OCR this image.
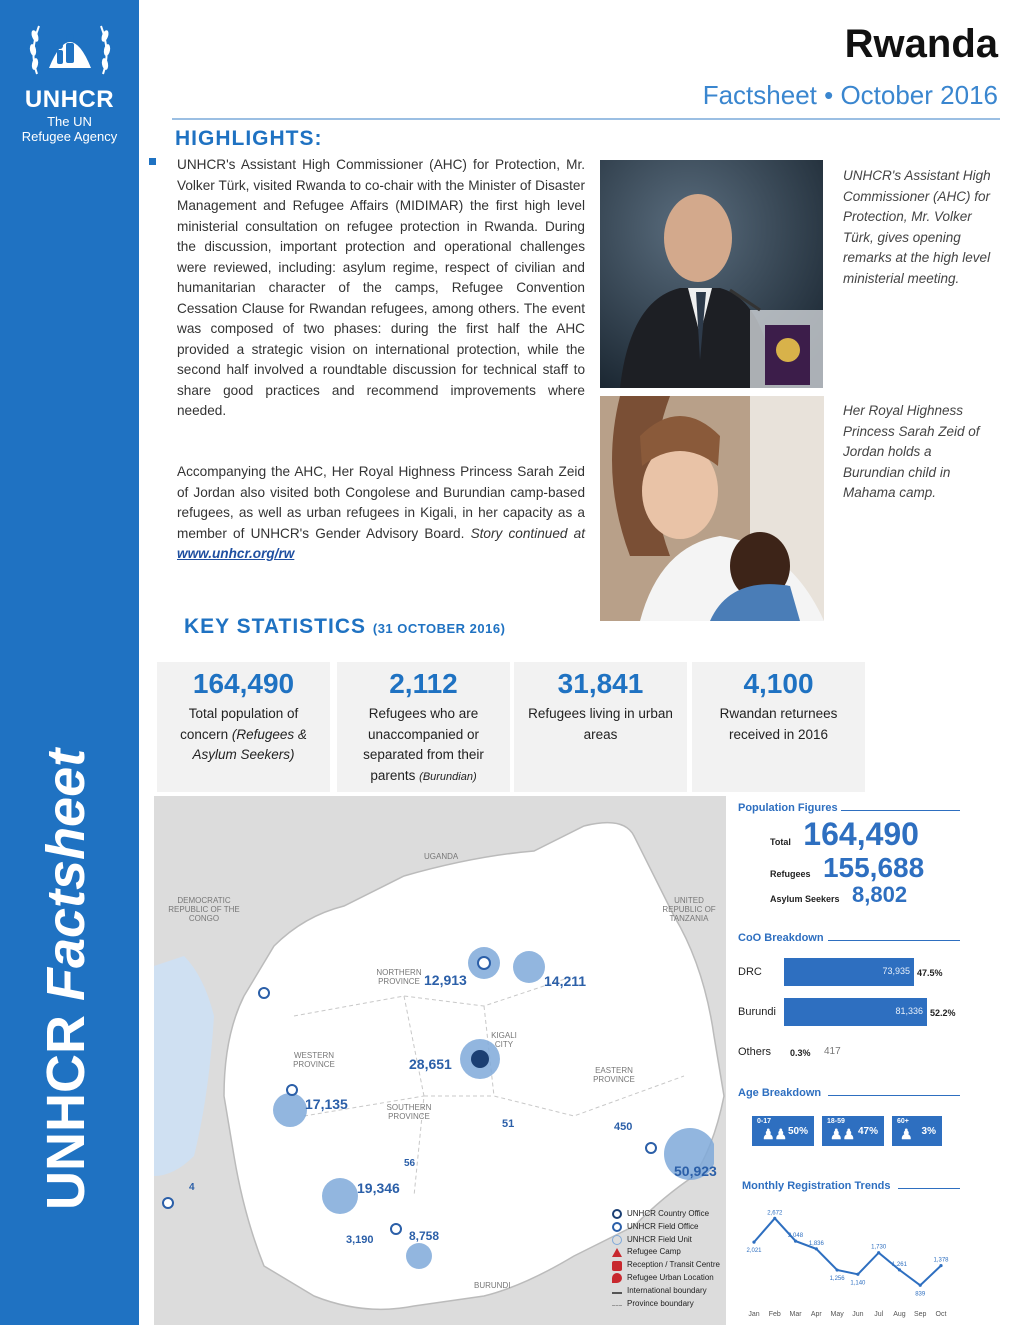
UNHCR
The UN
Refugee Agency
UNHCRFactsheet
Rwanda
Factsheet • October 2016
HIGHLIGHTS:

UNHCR's Assistant High Commissioner (AHC) for Protection, Mr. Volker Türk, visited Rwanda to co-chair with the Minister of Disaster Management and Refugee Affairs (MIDIMAR) the first high level ministerial consultation on refugee protection in Rwanda. During the discussion, important protection and operational challenges were reviewed, including: asylum regime, respect of civilian and humanitarian character of the camps, Refugee Convention Cessation Clause for Rwandan refugees, among others. The event was composed of two phases: during the first half the AHC provided a strategic vision on international protection, while the second half involved a roundtable discussion for technical staff to share good practices and recommend improvements where needed.

Accompanying the AHC, Her Royal Highness Princess Sarah Zeid of Jordan also visited both Congolese and Burundian camp-based refugees, as well as urban refugees in Kigali, in her capacity as a member of UNHCR's Gender Advisory Board. Story continued at www.unhcr.org/rw

UNHCR's Assistant High Commissioner (AHC) for Protection, Mr. Volker Türk, gives opening remarks at the high level ministerial meeting.

Her Royal Highness Princess Sarah Zeid of Jordan holds a Burundian child in Mahama camp.

KEY STATISTICS (31 OCTOBER 2016)
164,490
Total population of concern (Refugees & Asylum Seekers)
2,112
Refugees who are unaccompanied or separated from their parents (Burundian)
31,841
Refugees living in urban areas
4,100
Rwandan returnees received in 2016
UGANDA
DEMOCRATIC REPUBLIC OF THE CONGO
UNITED REPUBLIC OF TANZANIA
BURUNDI
NORTHERN PROVINCE
WESTERN PROVINCE
SOUTHERN PROVINCE
EASTERN PROVINCE
KIGALI CITY
12,913	14,211
28,651
17,135
51	450
50,923
19,346
8,758
3,190
56
4
UNHCR Country Office
UNHCR Field Office
UNHCR Field Unit
Refugee Camp
Reception / Transit Centre
Refugee Urban Location
International boundary
Province boundary
Population Figures
Total 164,490
Refugees 155,688
Asylum Seekers 8,802
CoO Breakdown
DRC	73,935 47.5%
Burundi	81,336 52.2%
Others 0.3% 417
Age Breakdown
0-17
♟♟ 50%
18-59
♟♟ 47%
60+
♟ 3%
Monthly Registration Trends
2,021
Jan
2,672
Feb
2,048
Mar
1,836
Apr
1,256
May
1,140
Jun
1,730
Jul
1,261
Aug
839
Sep
1,378
Oct
